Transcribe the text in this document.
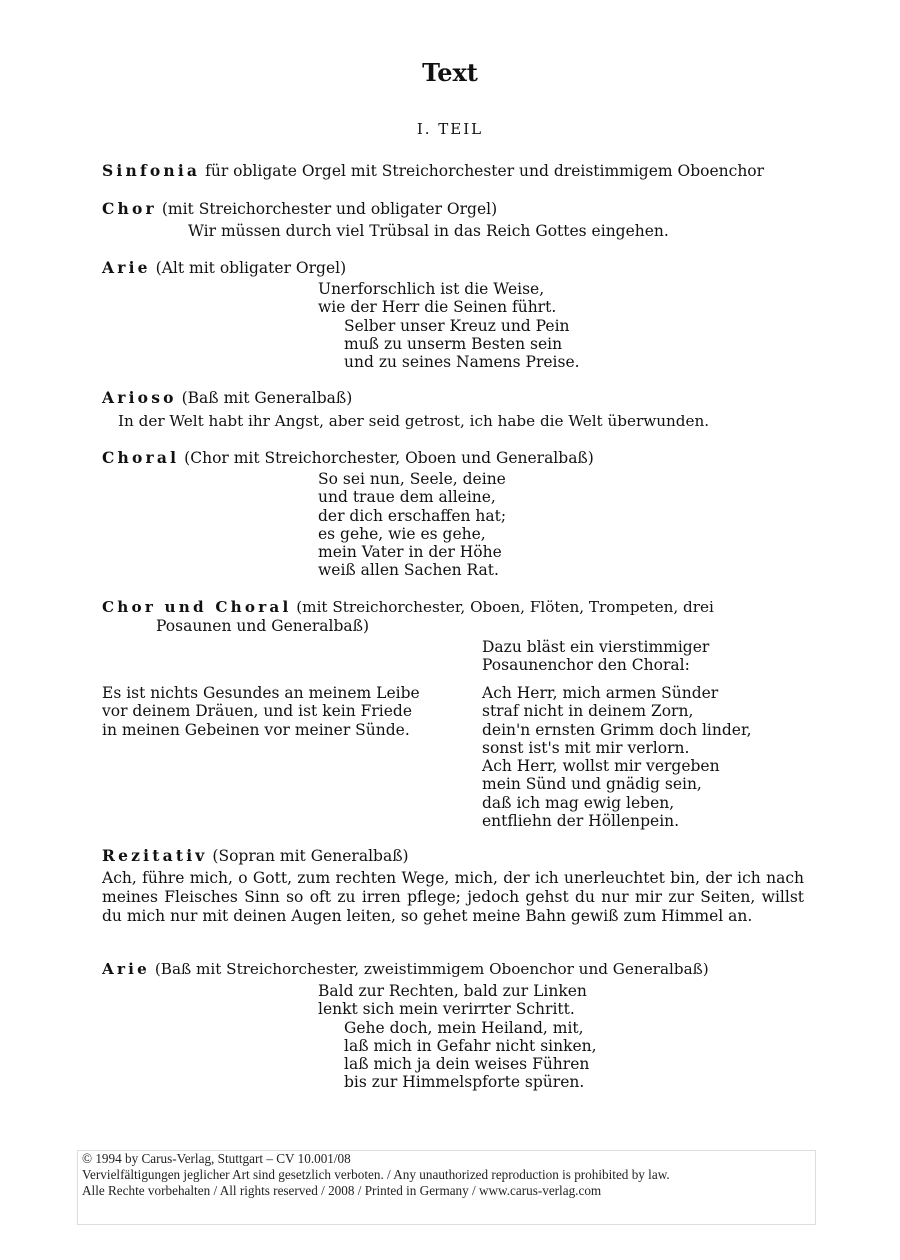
Text
I. TEIL
Sinfonia für obligate Orgel mit Streichorchester und dreistimmigem Oboenchor
Chor (mit Streichorchester und obligater Orgel)
Wir müssen durch viel Trübsal in das Reich Gottes eingehen.
Arie (Alt mit obligater Orgel)
Unerforschlich ist die Weise,
wie der Herr die Seinen führt.
Selber unser Kreuz und Pein
muß zu unserm Besten sein
und zu seines Namens Preise.
Arioso (Baß mit Generalbaß)
In der Welt habt ihr Angst, aber seid getrost, ich habe die Welt überwunden.
Choral (Chor mit Streichorchester, Oboen und Generalbaß)
So sei nun, Seele, deine
und traue dem alleine,
der dich erschaffen hat;
es gehe, wie es gehe,
mein Vater in der Höhe
weiß allen Sachen Rat.
Chor und Choral (mit Streichorchester, Oboen, Flöten, Trompeten, drei
Posaunen und Generalbaß)
Dazu bläst ein vierstimmiger
Posaunenchor den Choral:
Es ist nichts Gesundes an meinem Leibe
vor deinem Dräuen, und ist kein Friede
in meinen Gebeinen vor meiner Sünde.
Ach Herr, mich armen Sünder
straf nicht in deinem Zorn,
dein'n ernsten Grimm doch linder,
sonst ist's mit mir verlorn.
Ach Herr, wollst mir vergeben
mein Sünd und gnädig sein,
daß ich mag ewig leben,
entfliehn der Höllenpein.
Rezitativ (Sopran mit Generalbaß)
Ach, führe mich, o Gott, zum rechten Wege, mich, der ich unerleuchtet bin, der ich nach meines Fleisches Sinn so oft zu irren pflege; jedoch gehst du nur mir zur Seiten, willst du mich nur mit deinen Augen leiten, so gehet meine Bahn gewiß zum Himmel an.
Arie (Baß mit Streichorchester, zweistimmigem Oboenchor und Generalbaß)
Bald zur Rechten, bald zur Linken
lenkt sich mein verirrter Schritt.
Gehe doch, mein Heiland, mit,
laß mich in Gefahr nicht sinken,
laß mich ja dein weises Führen
bis zur Himmelspforte spüren.
© 1994 by Carus-Verlag, Stuttgart – CV 10.001/08
Vervielfältigungen jeglicher Art sind gesetzlich verboten. / Any unauthorized reproduction is prohibited by law.
Alle Rechte vorbehalten / All rights reserved / 2008 / Printed in Germany / www.carus-verlag.com
